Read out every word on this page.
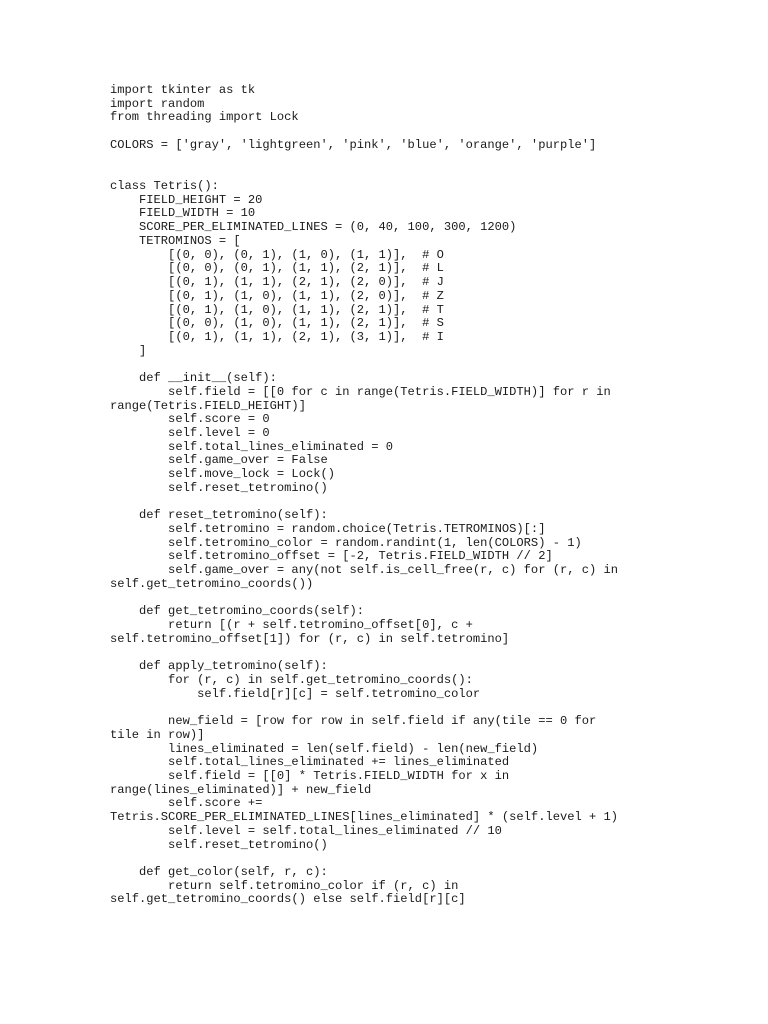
import tkinter as tk
import random
from threading import Lock
COLORS = ['gray', 'lightgreen', 'pink', 'blue', 'orange', 'purple']
class Tetris():
FIELD_HEIGHT = 20
FIELD_WIDTH = 10
SCORE_PER_ELIMINATED_LINES = (0, 40, 100, 300, 1200)
TETROMINOS = [
[(0, 0), (0, 1), (1, 0), (1, 1)],  # O
[(0, 0), (0, 1), (1, 1), (2, 1)],  # L
[(0, 1), (1, 1), (2, 1), (2, 0)],  # J
[(0, 1), (1, 0), (1, 1), (2, 0)],  # Z
[(0, 1), (1, 0), (1, 1), (2, 1)],  # T
[(0, 0), (1, 0), (1, 1), (2, 1)],  # S
[(0, 1), (1, 1), (2, 1), (3, 1)],  # I
]
def __init__(self):
self.field = [[0 for c in range(Tetris.FIELD_WIDTH)] for r in
range(Tetris.FIELD_HEIGHT)]
self.score = 0
self.level = 0
self.total_lines_eliminated = 0
self.game_over = False
self.move_lock = Lock()
self.reset_tetromino()
def reset_tetromino(self):
self.tetromino = random.choice(Tetris.TETROMINOS)[:]
self.tetromino_color = random.randint(1, len(COLORS) - 1)
self.tetromino_offset = [-2, Tetris.FIELD_WIDTH // 2]
self.game_over = any(not self.is_cell_free(r, c) for (r, c) in
self.get_tetromino_coords())
def get_tetromino_coords(self):
return [(r + self.tetromino_offset[0], c +
self.tetromino_offset[1]) for (r, c) in self.tetromino]
def apply_tetromino(self):
for (r, c) in self.get_tetromino_coords():
self.field[r][c] = self.tetromino_color
new_field = [row for row in self.field if any(tile == 0 for
tile in row)]
lines_eliminated = len(self.field) - len(new_field)
self.total_lines_eliminated += lines_eliminated
self.field = [[0] * Tetris.FIELD_WIDTH for x in
range(lines_eliminated)] + new_field
self.score +=
Tetris.SCORE_PER_ELIMINATED_LINES[lines_eliminated] * (self.level + 1)
self.level = self.total_lines_eliminated // 10
self.reset_tetromino()
def get_color(self, r, c):
return self.tetromino_color if (r, c) in
self.get_tetromino_coords() else self.field[r][c]
